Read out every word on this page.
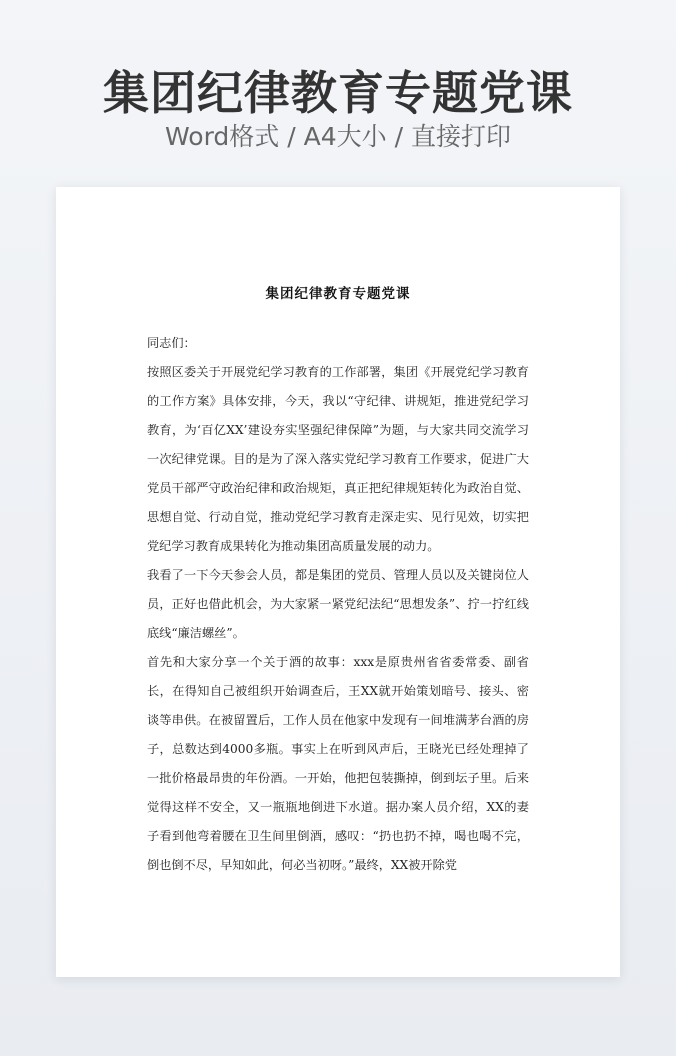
集团纪律教育专题党课
Word格式 / A4大小 / 直接打印
集团纪律教育专题党课

同志们：

按照区委关于开展党纪学习教育的工作部署，集团《开展党纪学习教育的工作方案》具体安排，今天，我以“守纪律、讲规矩，推进党纪学习教育，为‘百亿XX’建设夯实坚强纪律保障”为题，与大家共同交流学习一次纪律党课。目的是为了深入落实党纪学习教育工作要求，促进广大党员干部严守政治纪律和政治规矩，真正把纪律规矩转化为政治自觉、思想自觉、行动自觉，推动党纪学习教育走深走实、见行见效，切实把党纪学习教育成果转化为推动集团高质量发展的动力。

我看了一下今天参会人员，都是集团的党员、管理人员以及关键岗位人员，正好也借此机会，为大家紧一紧党纪法纪“思想发条”、拧一拧红线底线“廉洁螺丝”。

首先和大家分享一个关于酒的故事：xxx是原贵州省省委常委、副省长，在得知自己被组织开始调查后，王XX就开始策划暗号、接头、密谈等串供。在被留置后，工作人员在他家中发现有一间堆满茅台酒的房子，总数达到4000多瓶。事实上在听到风声后，王晓光已经处理掉了一批价格最昂贵的年份酒。一开始，他把包装撕掉，倒到坛子里。后来觉得这样不安全，又一瓶瓶地倒进下水道。据办案人员介绍，XX的妻子看到他弯着腰在卫生间里倒酒，感叹：“扔也扔不掉，喝也喝不完，倒也倒不尽，早知如此，何必当初呀。”最终，XX被开除党
